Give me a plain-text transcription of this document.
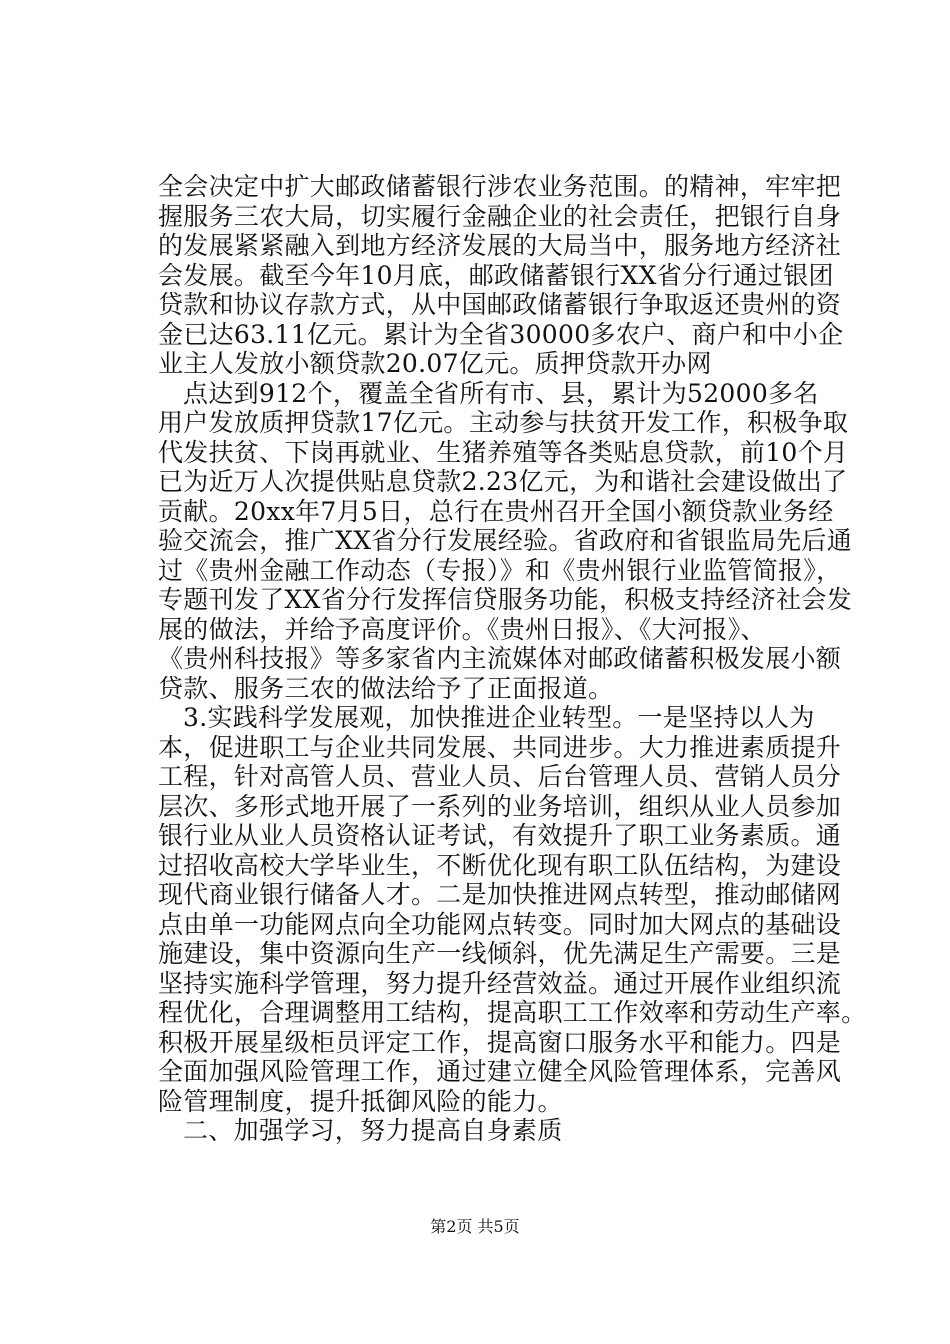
全会决定中扩大邮政储蓄银行涉农业务范围。的精神，牢牢把
握服务三农大局，切实履行金融企业的社会责任，把银行自身
的发展紧紧融入到地方经济发展的大局当中，服务地方经济社
会发展。截至今年10月底，邮政储蓄银行XX省分行通过银团
贷款和协议存款方式，从中国邮政储蓄银行争取返还贵州的资
金已达63.11亿元。累计为全省30000多农户、商户和中小企
业主人发放小额贷款20.07亿元。质押贷款开办网
点达到912个，覆盖全省所有市、县，累计为52000多名
用户发放质押贷款17亿元。主动参与扶贫开发工作，积极争取
代发扶贫、下岗再就业、生猪养殖等各类贴息贷款，前10个月
已为近万人次提供贴息贷款2.23亿元，为和谐社会建设做出了
贡献。20xx年7月5日，总行在贵州召开全国小额贷款业务经
验交流会，推广XX省分行发展经验。省政府和省银监局先后通
过《贵州金融工作动态（专报）》和《贵州银行业监管简报》，
专题刊发了XX省分行发挥信贷服务功能，积极支持经济社会发
展的做法，并给予高度评价。《贵州日报》、《大河报》、
《贵州科技报》等多家省内主流媒体对邮政储蓄积极发展小额
贷款、服务三农的做法给予了正面报道。
3.实践科学发展观，加快推进企业转型。一是坚持以人为
本，促进职工与企业共同发展、共同进步。大力推进素质提升
工程，针对高管人员、营业人员、后台管理人员、营销人员分
层次、多形式地开展了一系列的业务培训，组织从业人员参加
银行业从业人员资格认证考试，有效提升了职工业务素质。通
过招收高校大学毕业生，不断优化现有职工队伍结构，为建设
现代商业银行储备人才。二是加快推进网点转型，推动邮储网
点由单一功能网点向全功能网点转变。同时加大网点的基础设
施建设，集中资源向生产一线倾斜，优先满足生产需要。三是
坚持实施科学管理，努力提升经营效益。通过开展作业组织流
程优化，合理调整用工结构，提高职工工作效率和劳动生产率。
积极开展星级柜员评定工作，提高窗口服务水平和能力。四是
全面加强风险管理工作，通过建立健全风险管理体系，完善风
险管理制度，提升抵御风险的能力。
二、加强学习，努力提高自身素质
第2页 共5页
